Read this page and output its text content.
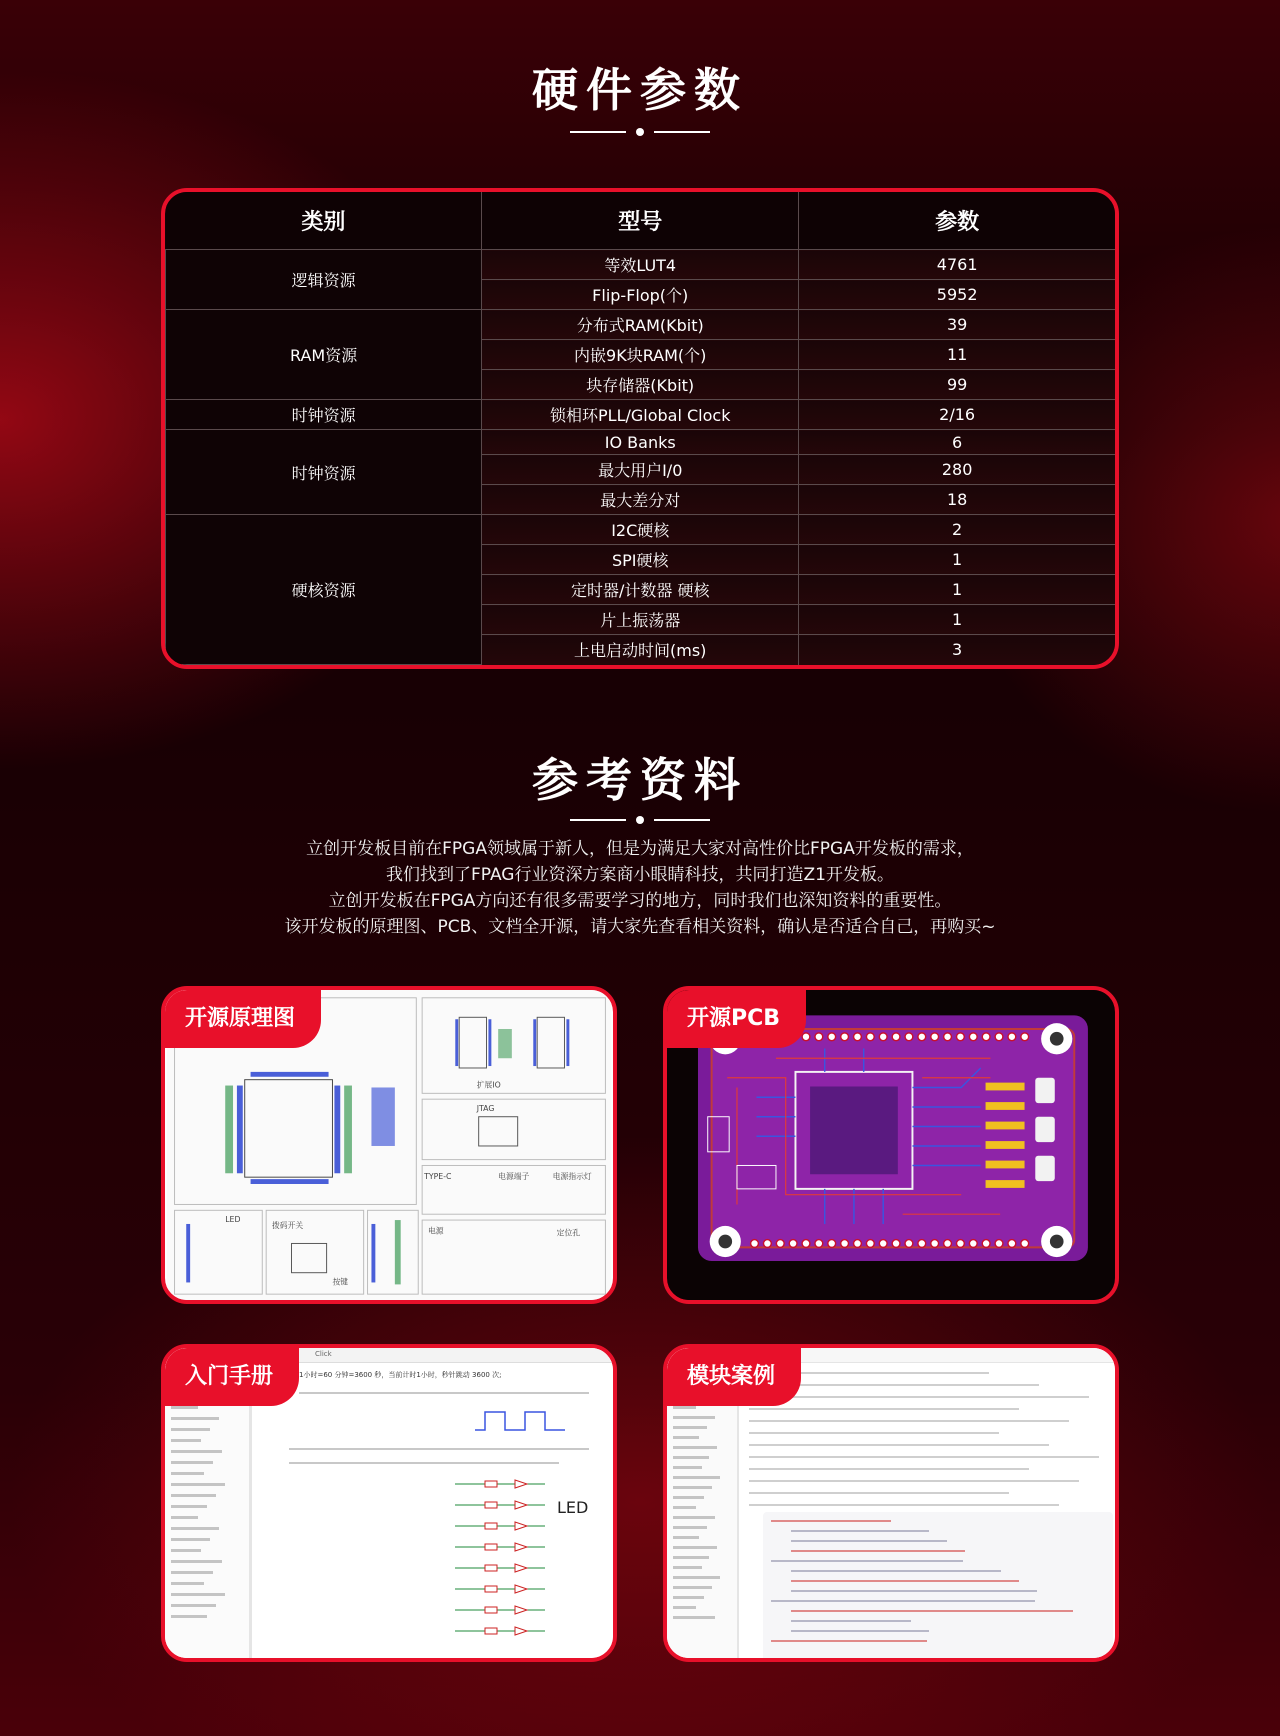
硬件参数
类别	型号	参数
逻辑资源	等效LUT4	4761
	Flip-Flop(个)	5952
RAM资源	分布式RAM(Kbit)	39
	内嵌9K块RAM(个)	11
	块存储器(Kbit)	99
时钟资源	锁相环PLL/Global Clock	2/16
时钟资源	IO Banks	6
	最大用户I/0	280
	最大差分对	18
硬核资源	I2C硬核	2
	SPI硬核	1
	定时器/计数器 硬核	1
	片上振荡器	1
	上电启动时间(ms)	3
参考资料

立创开发板目前在FPGA领域属于新人，但是为满足大家对高性价比FPGA开发板的需求，

我们找到了FPAG行业资深方案商小眼睛科技，共同打造Z1开发板。

立创开发板在FPGA方向还有很多需要学习的地方，同时我们也深知资料的重要性。

该开发板的原理图、PCB、文档全开源，请大家先查看相关资料，确认是否适合自己，再购买~

开源原理图
扩展IO
JTAG
TYPE-C	电源端子	电源指示灯
LED
拨码开关
电源	定位孔
按键
开源PCB
入门手册
Click
1小时=60 分钟=3600 秒，当前计时1小时，秒针跳动 3600 次;
LED
模块案例
